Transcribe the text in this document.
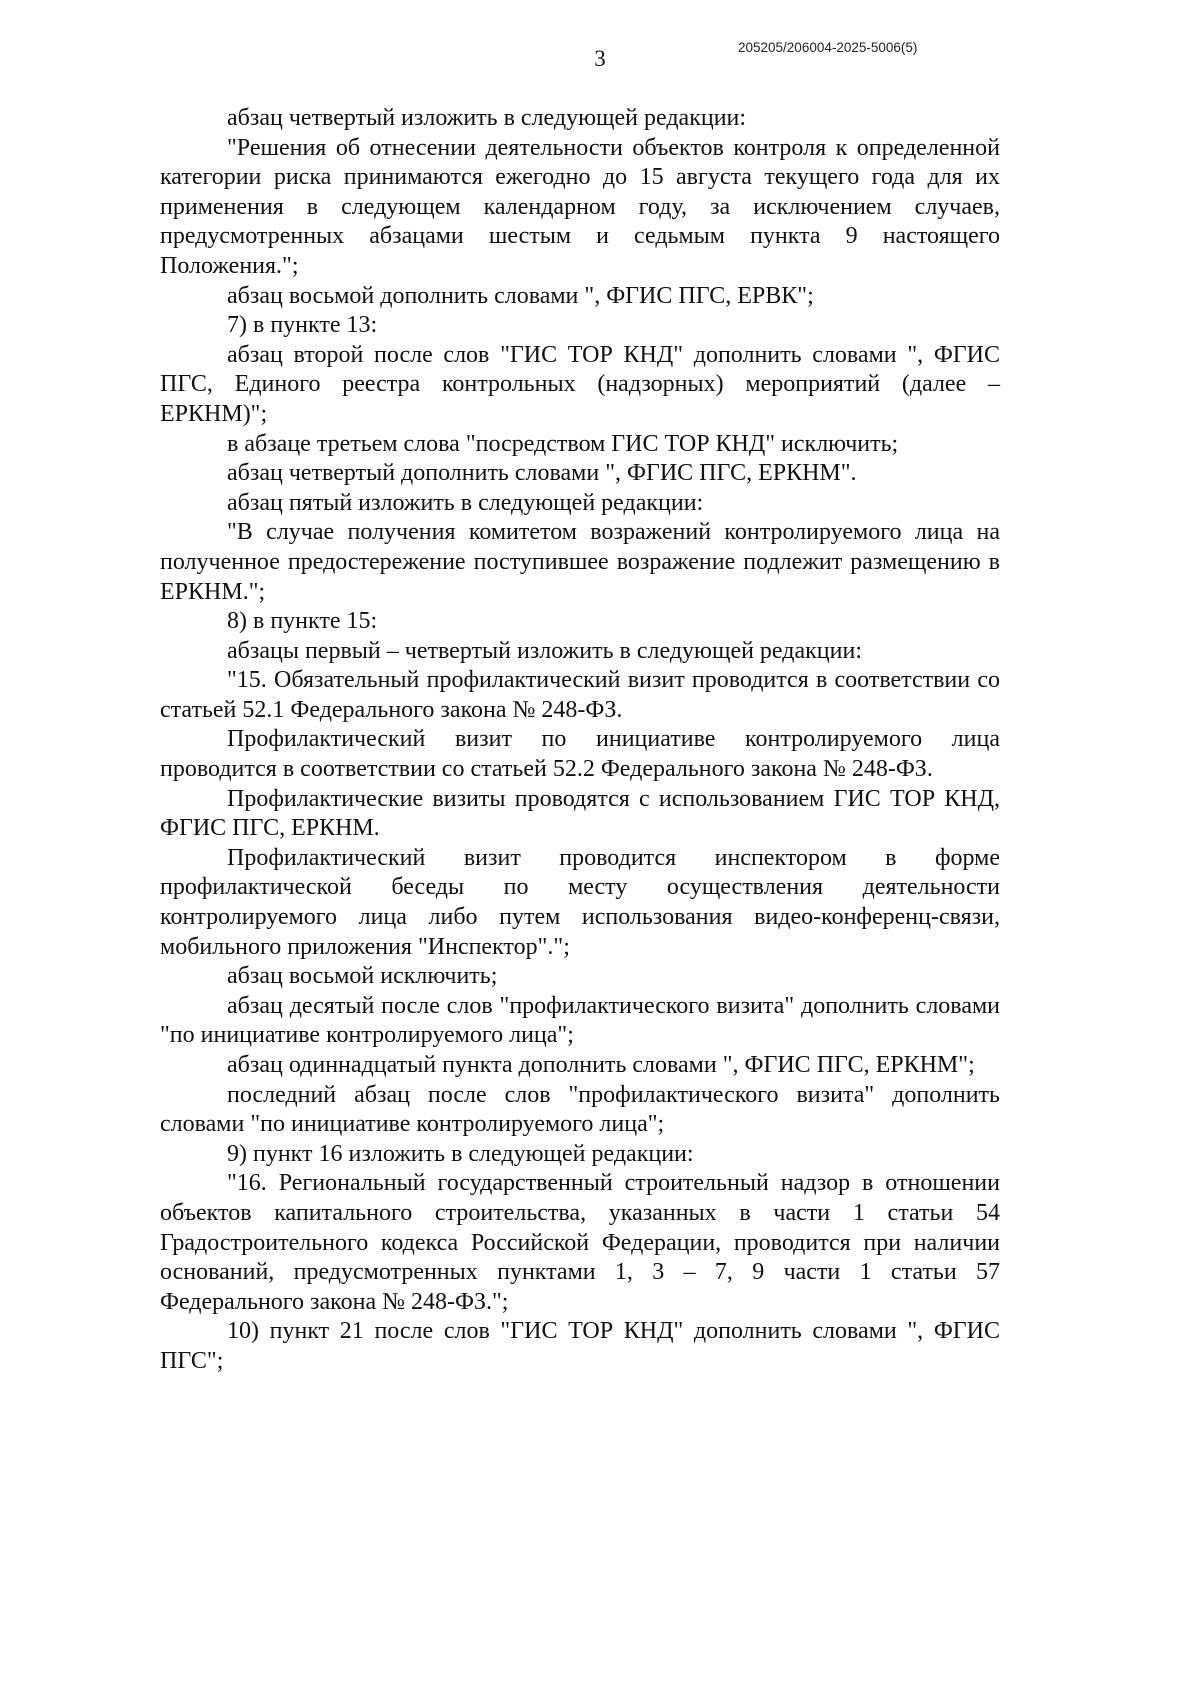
3	205205/206004-2025-5006(5)

абзац четвертый изложить в следующей редакции:

"Решения об отнесении деятельности объектов контроля к определенной категории риска принимаются ежегодно до 15 августа текущего года для их применения в следующем календарном году, за исключением случаев, предусмотренных абзацами шестым и седьмым пункта 9 настоящего Положения.";

абзац восьмой дополнить словами ", ФГИС ПГС, ЕРВК";

7) в пункте 13:

абзац второй после слов "ГИС ТОР КНД" дополнить словами ", ФГИС ПГС, Единого реестра контрольных (надзорных) мероприятий (далее – ЕРКНМ)";

в абзаце третьем слова "посредством ГИС ТОР КНД" исключить;

абзац четвертый дополнить словами ", ФГИС ПГС, ЕРКНМ".

абзац пятый изложить в следующей редакции:

"В случае получения комитетом возражений контролируемого лица на полученное предостережение поступившее возражение подлежит размещению в ЕРКНМ.";

8) в пункте 15:

абзацы первый – четвертый изложить в следующей редакции:

"15. Обязательный профилактический визит проводится в соответствии со статьей 52.1 Федерального закона № 248-ФЗ.

Профилактический визит по инициативе контролируемого лица проводится в соответствии со статьей 52.2 Федерального закона № 248-ФЗ.

Профилактические визиты проводятся с использованием ГИС ТОР КНД, ФГИС ПГС, ЕРКНМ.

Профилактический визит проводится инспектором в форме профилактической беседы по месту осуществления деятельности контролируемого лица либо путем использования видео-конференц-связи, мобильного приложения "Инспектор".";

абзац восьмой исключить;

абзац десятый после слов "профилактического визита" дополнить словами "по инициативе контролируемого лица";

абзац одиннадцатый пункта дополнить словами ", ФГИС ПГС, ЕРКНМ";

последний абзац после слов "профилактического визита" дополнить словами "по инициативе контролируемого лица";

9) пункт 16 изложить в следующей редакции:

"16. Региональный государственный строительный надзор в отношении объектов капитального строительства, указанных в части 1 статьи 54 Градостроительного кодекса Российской Федерации, проводится при наличии оснований, предусмотренных пунктами 1, 3 – 7, 9 части 1 статьи 57 Федерального закона № 248-ФЗ.";

10) пункт 21 после слов "ГИС ТОР КНД" дополнить словами ", ФГИС ПГС";
